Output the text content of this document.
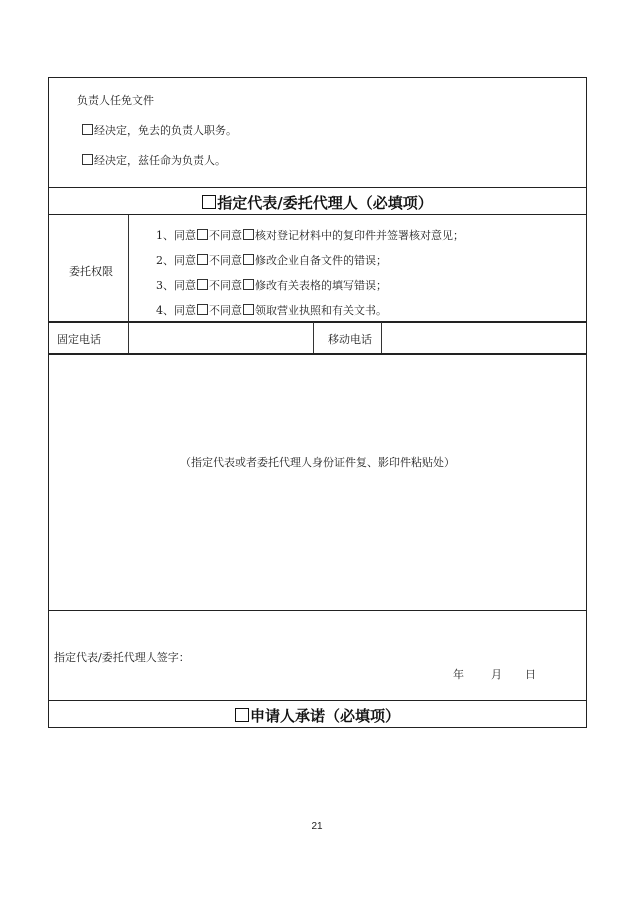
负责人任免文件
经决定，免去的负责人职务。
经决定，兹任命为负责人。
指定代表/委托代理人（必填项）
委托权限
1、同意 不同意 核对登记材料中的复印件并签署核对意见；
2、同意 不同意 修改企业自备文件的错误；
3、同意 不同意 修改有关表格的填写错误；
4、同意 不同意 领取营业执照和有关文书。
固定电话	移动电话
（指定代表或者委托代理人身份证件复、影印件粘贴处）
指定代表/委托代理人签字：
年 月 日
申请人承诺（必填项）
21
